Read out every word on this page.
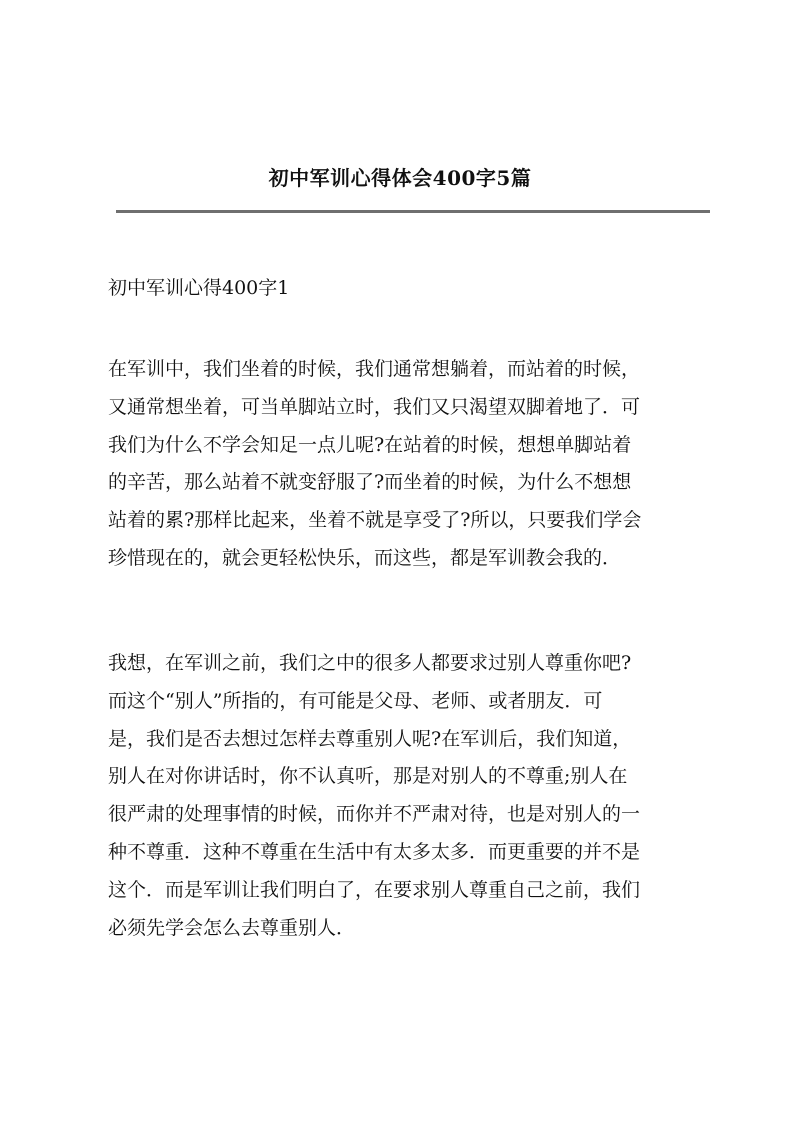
初中军训心得体会400字5篇
初中军训心得400字1
在军训中，我们坐着的时候，我们通常想躺着，而站着的时候，
又通常想坐着，可当单脚站立时，我们又只渴望双脚着地了．可
我们为什么不学会知足一点儿呢?在站着的时候，想想单脚站着
的辛苦，那么站着不就变舒服了?而坐着的时候，为什么不想想
站着的累?那样比起来，坐着不就是享受了?所以，只要我们学会
珍惜现在的，就会更轻松快乐，而这些，都是军训教会我的．
我想，在军训之前，我们之中的很多人都要求过别人尊重你吧?
而这个“别人”所指的，有可能是父母、老师、或者朋友．可
是，我们是否去想过怎样去尊重别人呢?在军训后，我们知道，
别人在对你讲话时，你不认真听，那是对别人的不尊重;别人在
很严肃的处理事情的时候，而你并不严肃对待，也是对别人的一
种不尊重．这种不尊重在生活中有太多太多．而更重要的并不是
这个．而是军训让我们明白了，在要求别人尊重自己之前，我们
必须先学会怎么去尊重别人．
